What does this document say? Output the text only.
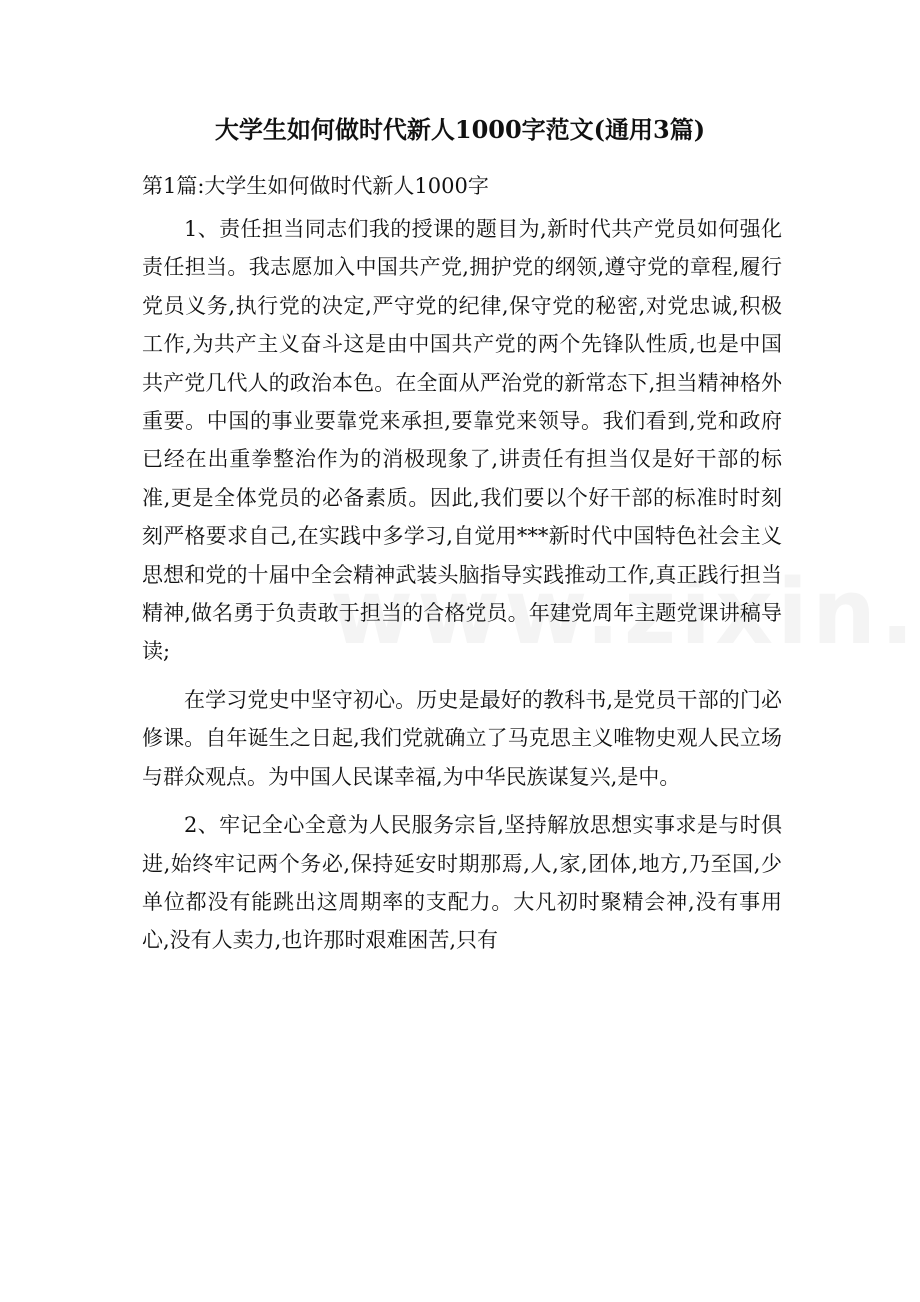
大学生如何做时代新人1000字范文(通用3篇)

第1篇:大学生如何做时代新人1000字

1、责任担当同志们我的授课的题目为,新时代共产党员如何强化责任担当。我志愿加入中国共产党,拥护党的纲领,遵守党的章程,履行党员义务,执行党的决定,严守党的纪律,保守党的秘密,对党忠诚,积极工作,为共产主义奋斗这是由中国共产党的两个先锋队性质,也是中国共产党几代人的政治本色。在全面从严治党的新常态下,担当精神格外重要。中国的事业要靠党来承担,要靠党来领导。我们看到,党和政府已经在出重拳整治作为的消极现象了,讲责任有担当仅是好干部的标准,更是全体党员的必备素质。因此,我们要以个好干部的标准时时刻刻严格要求自己,在实践中多学习,自觉用***新时代中国特色社会主义思想和党的十届中全会精神武装头脑指导实践推动工作,真正践行担当精神,做名勇于负责敢于担当的合格党员。年建党周年主题党课讲稿导读;

在学习党史中坚守初心。历史是最好的教科书,是党员干部的门必修课。自年诞生之日起,我们党就确立了马克思主义唯物史观人民立场与群众观点。为中国人民谋幸福,为中华民族谋复兴,是中。

2、牢记全心全意为人民服务宗旨,坚持解放思想实事求是与时俱进,始终牢记两个务必,保持延安时期那焉,人,家,团体,地方,乃至国,少单位都没有能跳出这周期率的支配力。大凡初时聚精会神,没有事用心,没有人卖力,也许那时艰难困苦,只有
